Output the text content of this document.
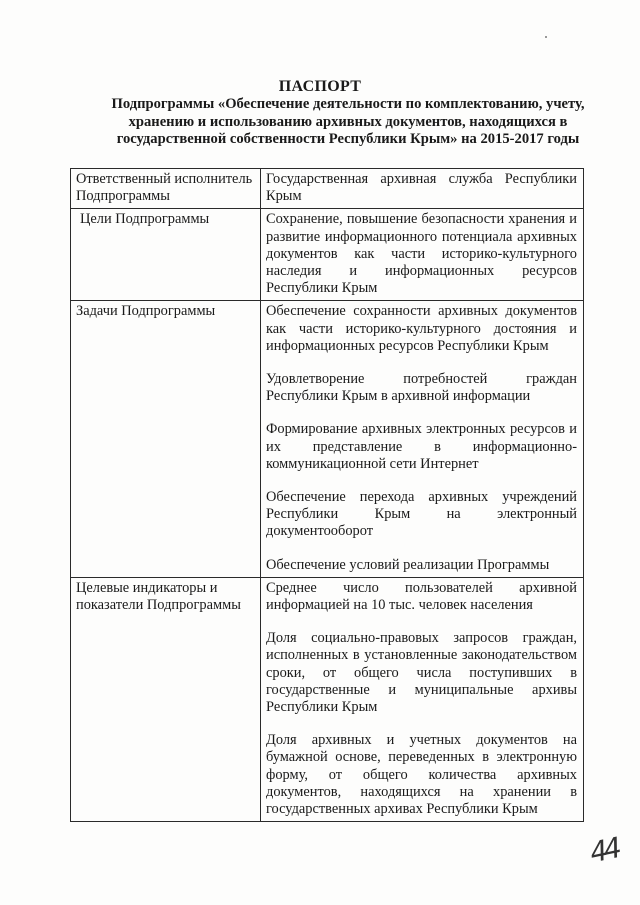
ПАСПОРТ
Подпрограммы «Обеспечение деятельности по комплектованию, учету,
хранению и использованию архивных документов, находящихся в
государственной собственности Республики Крым» на 2015-2017 годы
Ответственный исполнитель Подпрограммы	Государственная архивная служба Республики Крым

Цели Подпрограммы	Сохранение, повышение безопасности хранения и развитие информационного потенциала архивных документов как части историко-культурного наследия и информационных ресурсов Республики Крым

Задачи Подпрограммы	Обеспечение сохранности архивных документов как части историко-культурного достояния и информационных ресурсов Республики Крым

Удовлетворение потребностей граждан Республики Крым в архивной информации

Формирование архивных электронных ресурсов и их представление в информационно-коммуникационной сети Интернет

Обеспечение перехода архивных учреждений Республики Крым на электронный документооборот

Обеспечение условий реализации Программы

Целевые индикаторы и показатели Подпрограммы	Среднее число пользователей архивной информацией на 10 тыс. человек населения

Доля социально-правовых запросов граждан, исполненных в установленные законодательством сроки, от общего числа поступивших в государственные и муниципальные архивы Республики Крым

Доля архивных и учетных документов на бумажной основе, переведенных в электронную форму, от общего количества архивных документов, находящихся на хранении в государственных архивах Республики Крым

44
